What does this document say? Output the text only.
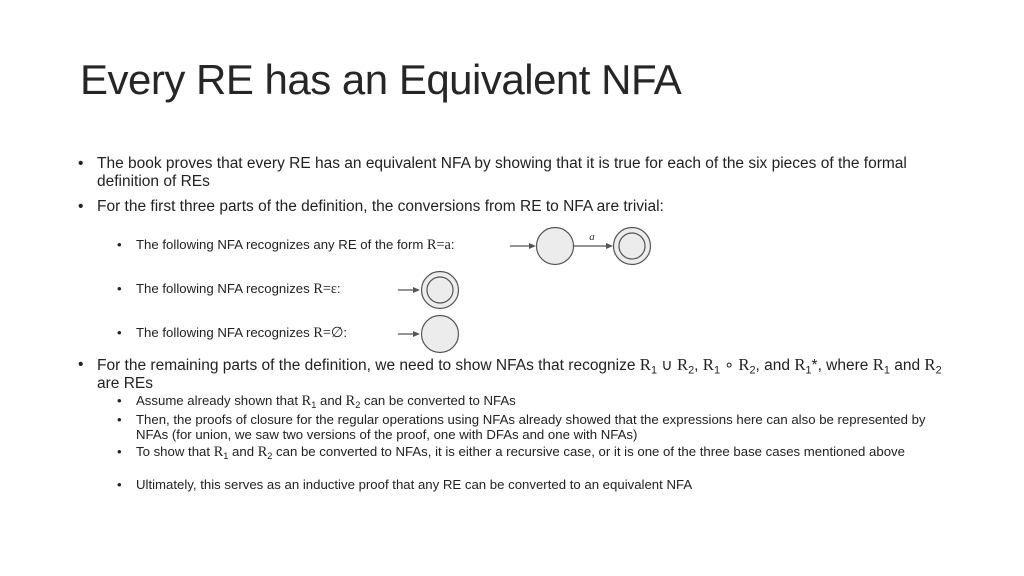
Every RE has an Equivalent NFA
• The book proves that every RE has an equivalent NFA by showing that it is true for each of the six pieces of the formal definition of REs
• For the first three parts of the definition, the conversions from RE to NFA are trivial:
• The following NFA recognizes any RE of the form R=a:	a
• The following NFA recognizes R=ε:
• The following NFA recognizes R=∅:
• For the remaining parts of the definition, we need to show NFAs that recognize $R_1$ ∪ $R_2$, $R_1$ ∘ $R_2$, and $R_1*$, where $R_1$ and $R_2$ are REs
• Assume already shown that $R_1$ and $R_2$ can be converted to NFAs
• Then, the proofs of closure for the regular operations using NFAs already showed that the expressions here can also be represented by NFAs (for union, we saw two versions of the proof, one with DFAs and one with NFAs)
• To show that $R_1$ and $R_2$ can be converted to NFAs, it is either a recursive case, or it is one of the three base cases mentioned above
• Ultimately, this serves as an inductive proof that any RE can be converted to an equivalent NFA
